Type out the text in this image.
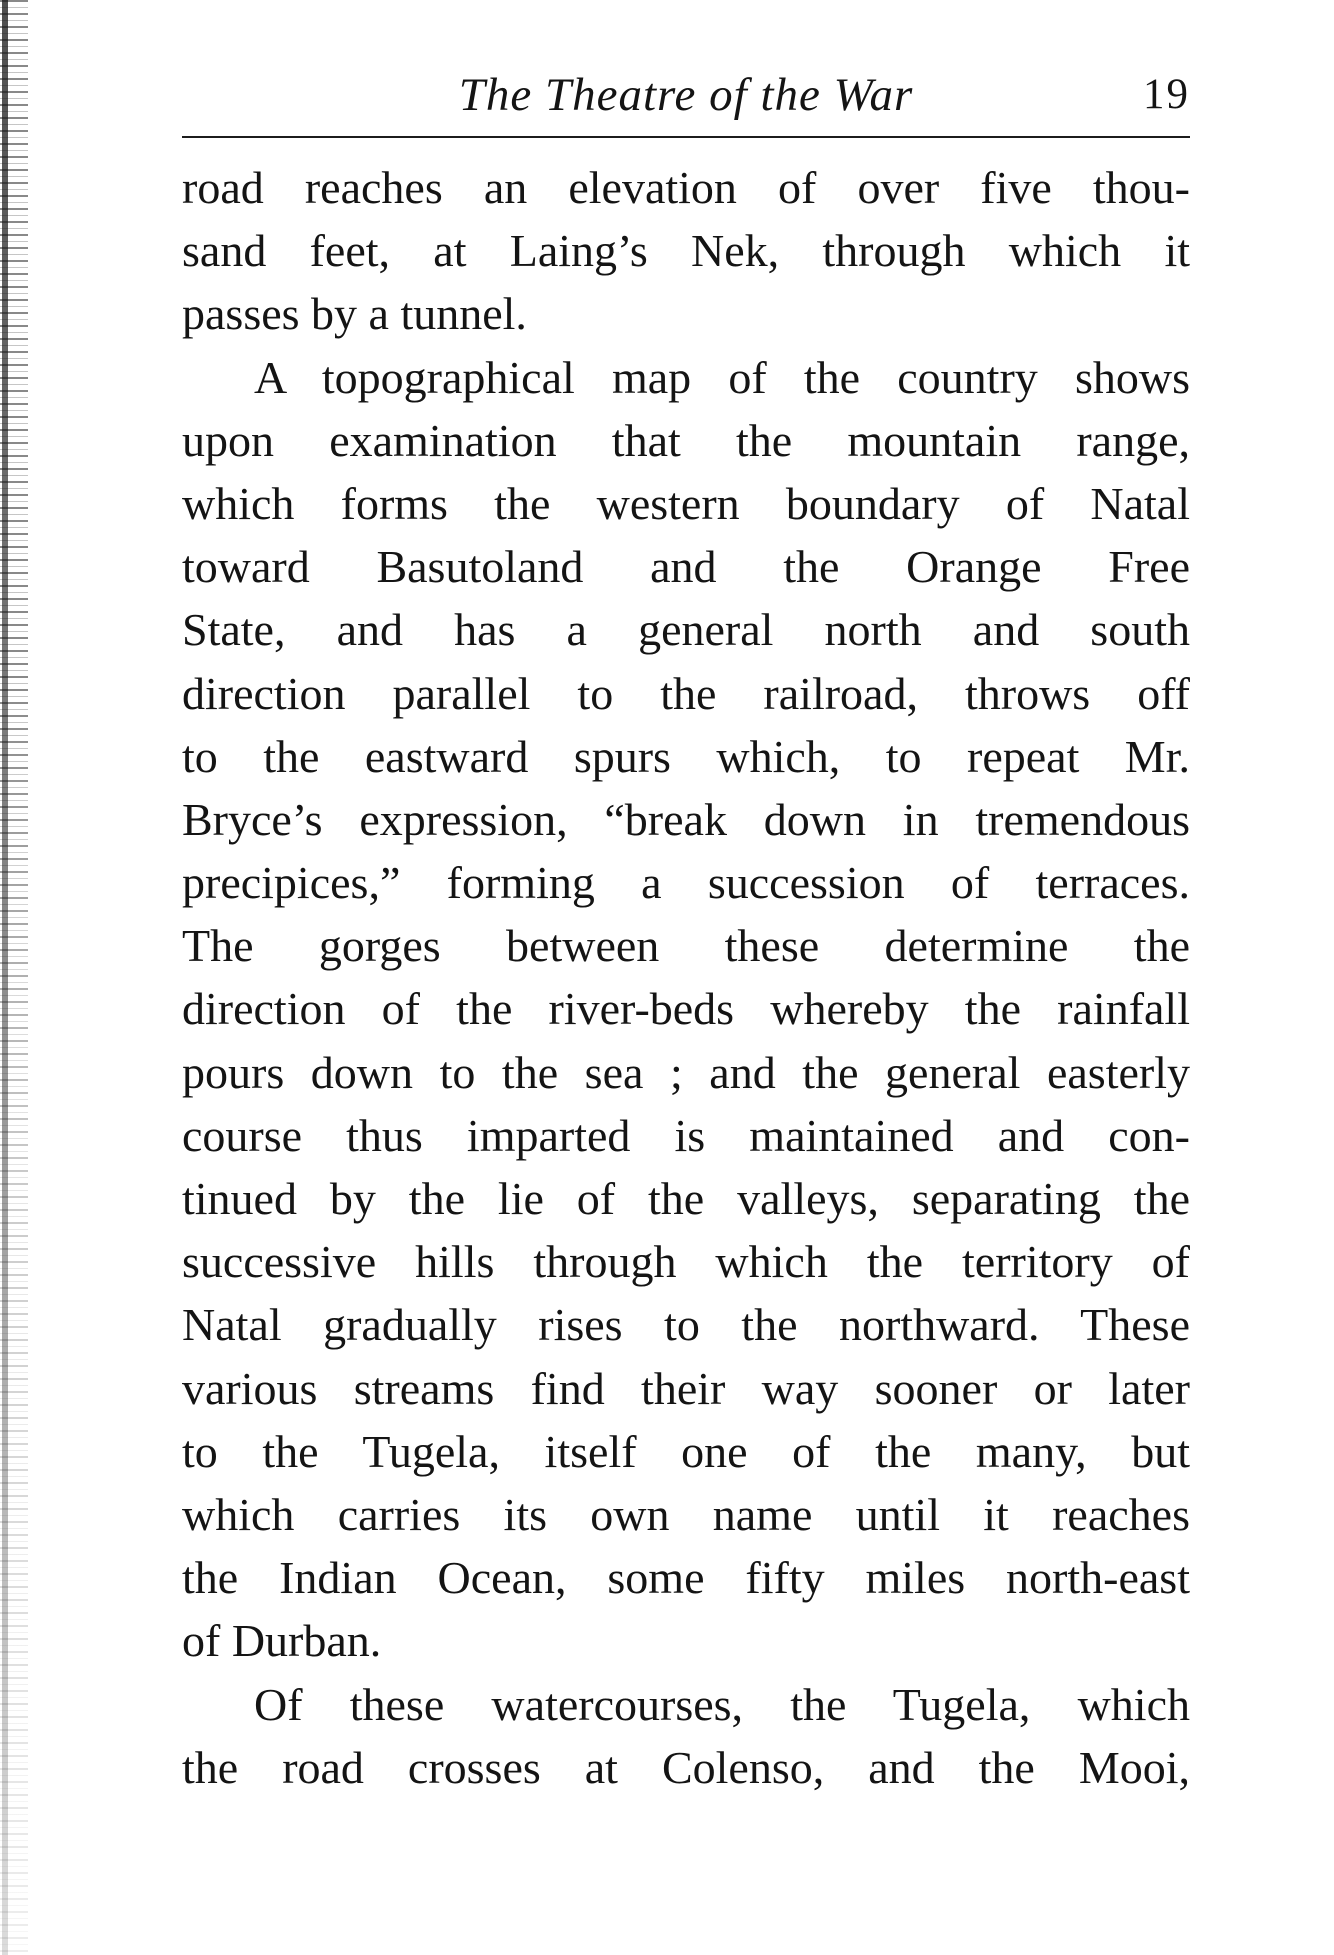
The Theatre of the War	19
road reaches an elevation of over five thou-
sand feet, at Laing’s Nek, through which it
passes by a tunnel.
A topographical map of the country shows
upon examination that the mountain range,
which forms the western boundary of Natal
toward Basutoland and the Orange Free
State, and has a general north and south
direction parallel to the railroad, throws off
to the eastward spurs which, to repeat Mr.
Bryce’s expression, “break down in tremendous
precipices,” forming a succession of terraces.
The gorges between these determine the
direction of the river-beds whereby the rainfall
pours down to the sea ; and the general easterly
course thus imparted is maintained and con-
tinued by the lie of the valleys, separating the
successive hills through which the territory of
Natal gradually rises to the northward. These
various streams find their way sooner or later
to the Tugela, itself one of the many, but
which carries its own name until it reaches
the Indian Ocean, some fifty miles north-east
of Durban.
Of these watercourses, the Tugela, which
the road crosses at Colenso, and the Mooi,
